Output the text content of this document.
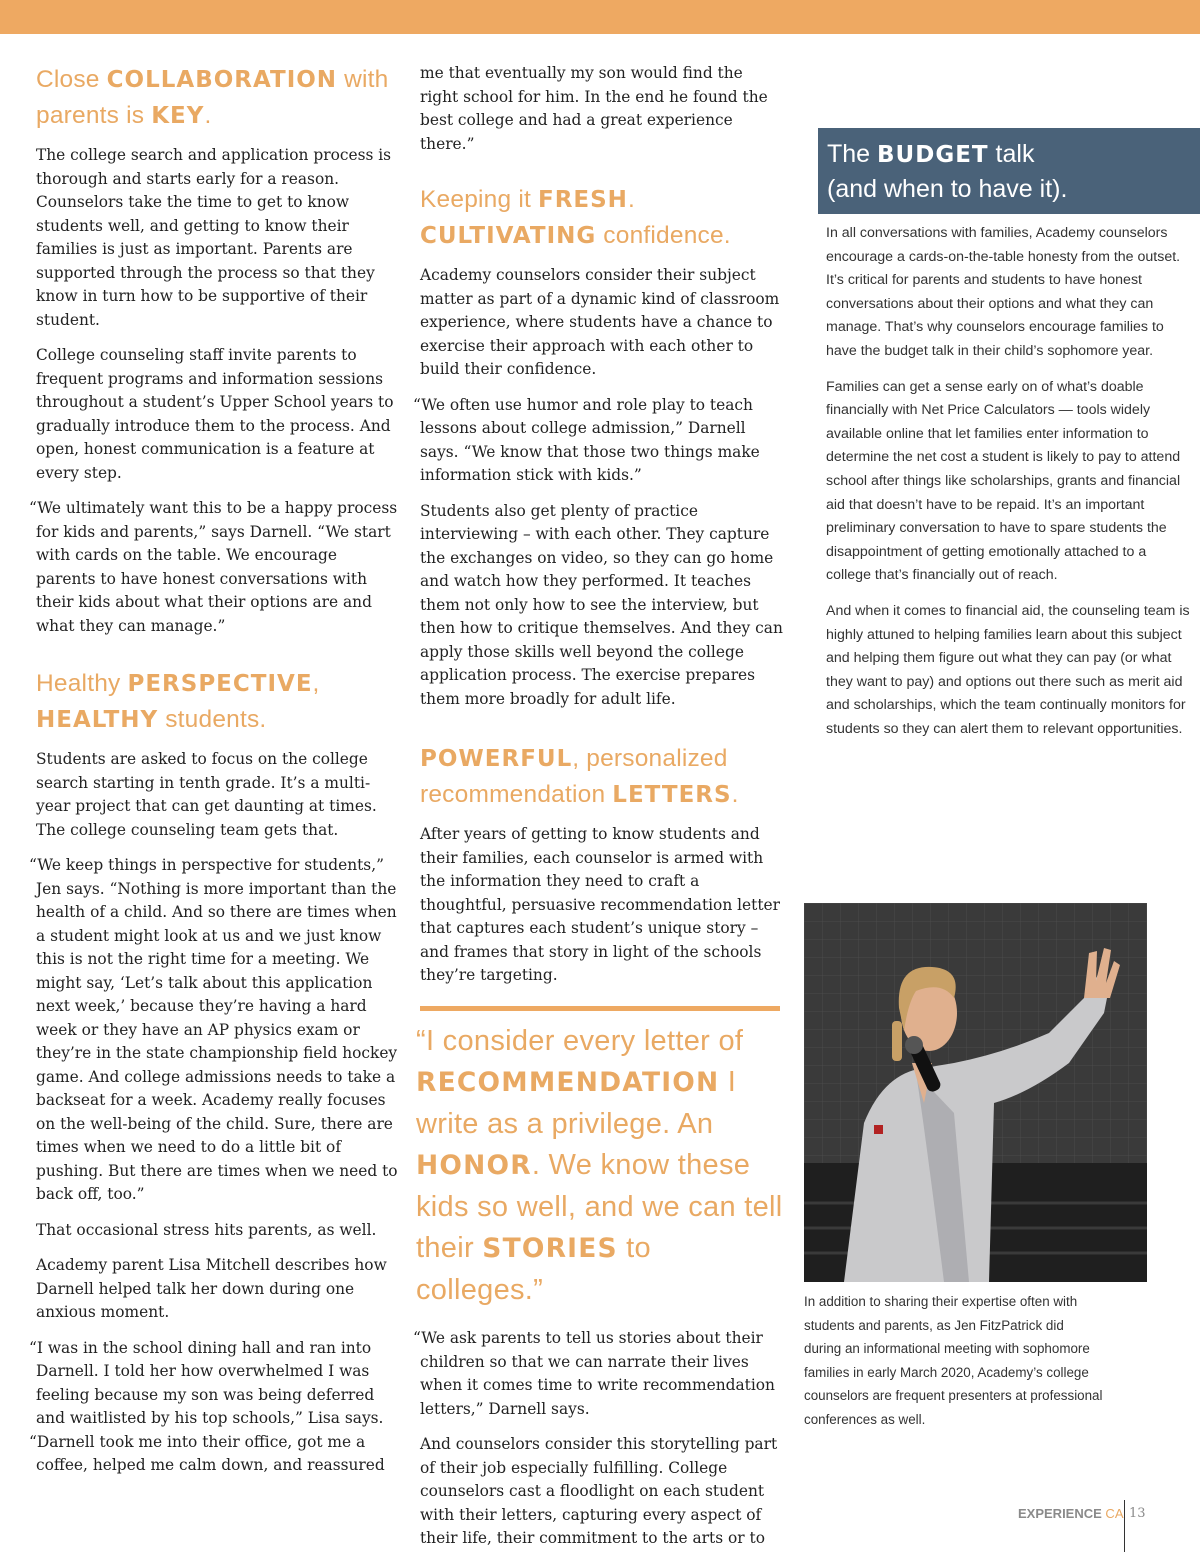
Close COLLABORATION with parents is KEY.

The college search and application process is thorough and starts early for a reason. Counselors take the time to get to know students well, and getting to know their families is just as important. Parents are supported through the process so that they know in turn how to be supportive of their student.

College counseling staff invite parents to frequent programs and information sessions throughout a student’s Upper School years to gradually introduce them to the process. And open, honest communication is a feature at every step.

“We ultimately want this to be a happy process for kids and parents,” says Darnell. “We start with cards on the table. We encourage parents to have honest conversations with their kids about what their options are and what they can manage.”

Healthy PERSPECTIVE, HEALTHY students.

Students are asked to focus on the college search starting in tenth grade. It’s a multi-year project that can get daunting at times. The college counseling team gets that.

“We keep things in perspective for students,” Jen says. “Nothing is more important than the health of a child. And so there are times when a student might look at us and we just know this is not the right time for a meeting. We might say, ‘Let’s talk about this application next week,’ because they’re having a hard week or they have an AP physics exam or they’re in the state championship field hockey game. And college admissions needs to take a backseat for a week. Academy really focuses on the well-being of the child. Sure, there are times when we need to do a little bit of pushing. But there are times when we need to back off, too.”

That occasional stress hits parents, as well.

Academy parent Lisa Mitchell describes how Darnell helped talk her down during one anxious moment.

“I was in the school dining hall and ran into Darnell. I told her how overwhelmed I was feeling because my son was being deferred and waitlisted by his top schools,” Lisa says.

“Darnell took me into their office, got me a coffee, helped me calm down, and reassured

me that eventually my son would find the right school for him. In the end he found the best college and had a great experience there.”

Keeping it FRESH. CULTIVATING confidence.

Academy counselors consider their subject matter as part of a dynamic kind of classroom experience, where students have a chance to exercise their approach with each other to build their confidence.

“We often use humor and role play to teach lessons about college admission,” Darnell says. “We know that those two things make information stick with kids.”

Students also get plenty of practice interviewing – with each other. They capture the exchanges on video, so they can go home and watch how they performed. It teaches them not only how to see the interview, but then how to critique themselves. And they can apply those skills well beyond the college application process. The exercise prepares them more broadly for adult life.

POWERFUL, personalized recommendation LETTERS.

After years of getting to know students and their families, each counselor is armed with the information they need to craft a thoughtful, persuasive recommendation letter that captures each student’s unique story – and frames that story in light of the schools they’re targeting.

“I consider every letter of RECOMMENDATION I write as a privilege. An HONOR. We know these kids so well, and we can tell their STORIES to colleges.”

“We ask parents to tell us stories about their children so that we can narrate their lives when it comes time to write recommendation letters,” Darnell says.

And counselors consider this storytelling part of their job especially fulfilling. College counselors cast a floodlight on each student with their letters, capturing every aspect of their life, their commitment to the arts or to

The BUDGET talk
(and when to have it).

In all conversations with families, Academy counselors encourage a cards-on-the-table honesty from the outset. It’s critical for parents and students to have honest conversations about their options and what they can manage. That’s why counselors encourage families to have the budget talk in their child’s sophomore year.

Families can get a sense early on of what’s doable financially with Net Price Calculators — tools widely available online that let families enter information to determine the net cost a student is likely to pay to attend school after things like scholarships, grants and financial aid that doesn’t have to be repaid. It’s an important preliminary conversation to have to spare students the disappointment of getting emotionally attached to a college that’s financially out of reach.

And when it comes to financial aid, the counseling team is highly attuned to helping families learn about this subject and helping them figure out what they can pay (or what they want to pay) and options out there such as merit aid and scholarships, which the team continually monitors for students so they can alert them to relevant opportunities.

In addition to sharing their expertise often with students and parents, as Jen FitzPatrick did during an informational meeting with sophomore families in early March 2020, Academy’s college counselors are frequent presenters at professional conferences as well.
EXPERIENCE CA 13
